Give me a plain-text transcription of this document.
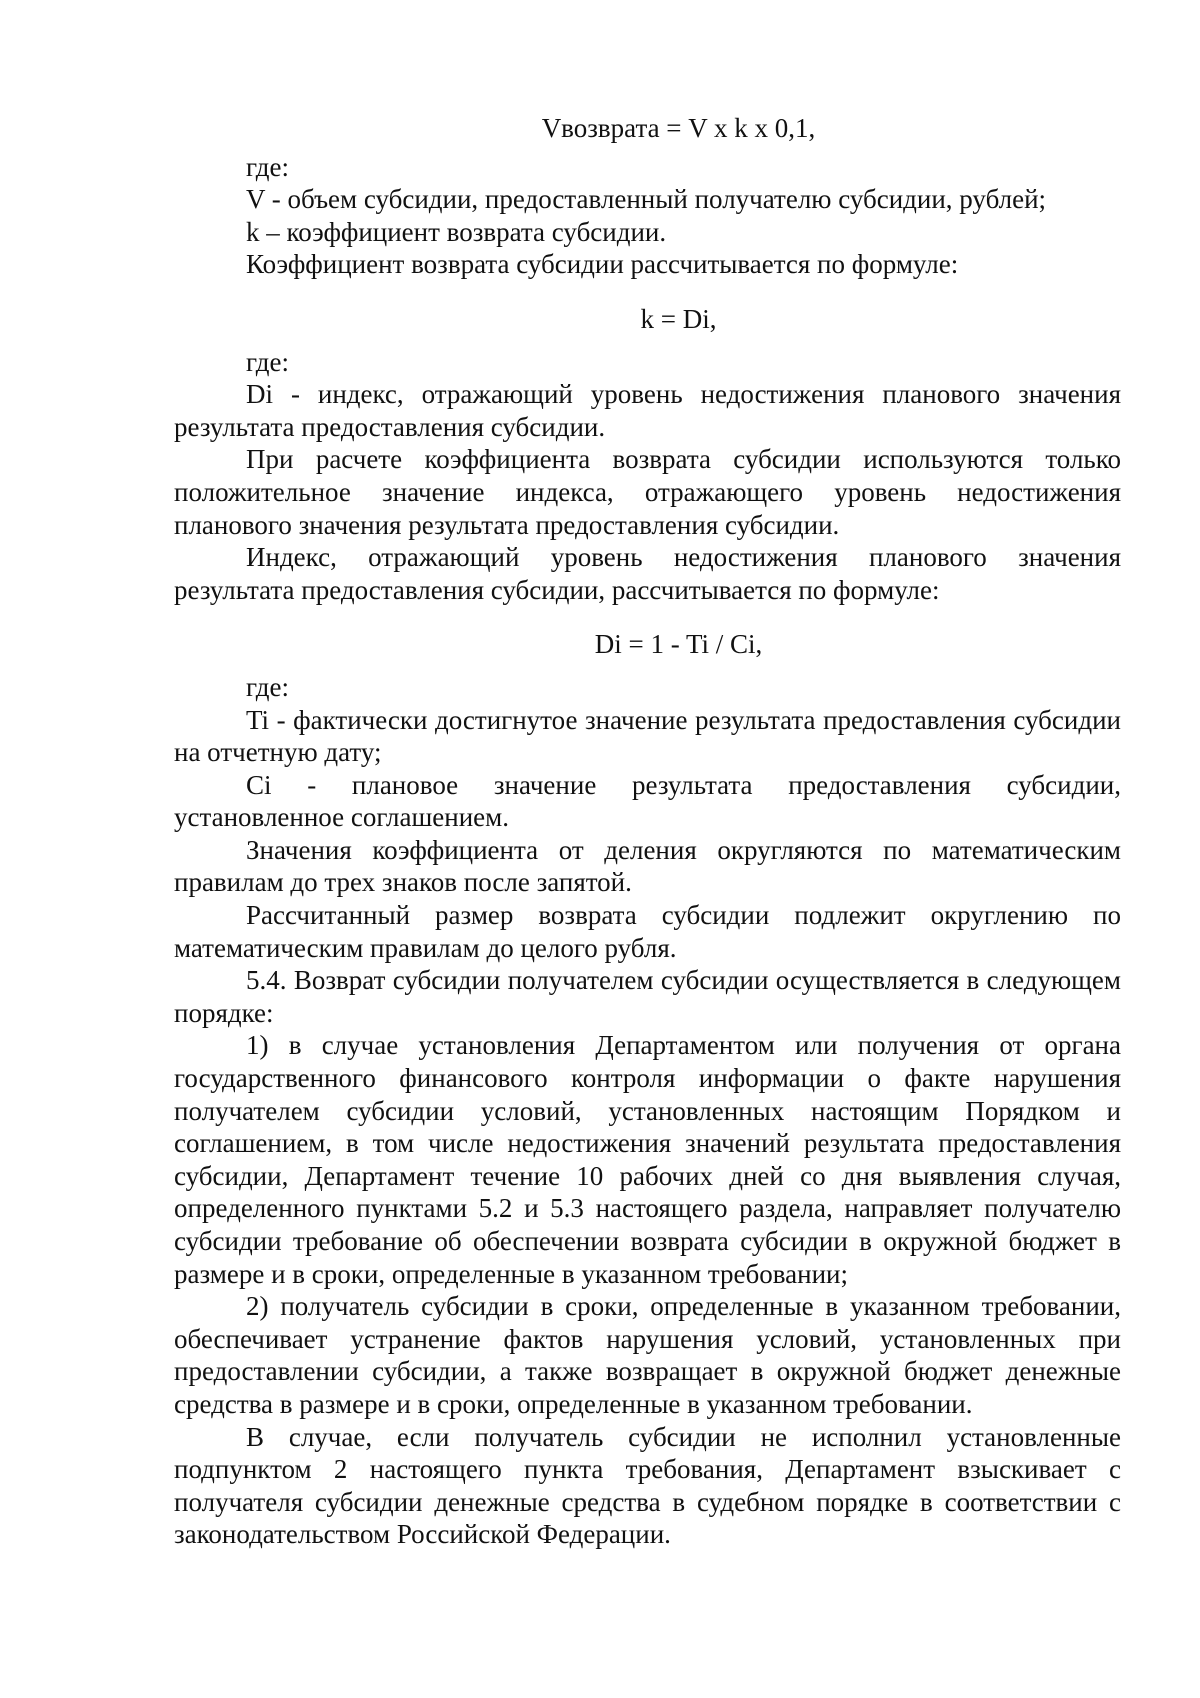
Vвозврата = V х k х 0,1,

где:

V - объем субсидии, предоставленный получателю субсидии, рублей;

k – коэффициент возврата субсидии.

Коэффициент возврата субсидии рассчитывается по формуле:

k = Di,

где:

Di - индекс, отражающий уровень недостижения планового значения результата предоставления субсидии.

При расчете коэффициента возврата субсидии используются только положительное значение индекса, отражающего уровень недостижения планового значения результата предоставления субсидии.

Индекс, отражающий уровень недостижения планового значения результата предоставления субсидии, рассчитывается по формуле:

Di = 1 - Ti / Ci,

где:

Ti - фактически достигнутое значение результата предоставления субсидии на отчетную дату;

Ci - плановое значение результата предоставления субсидии, установленное соглашением.

Значения коэффициента от деления округляются по математическим правилам до трех знаков после запятой.

Рассчитанный размер возврата субсидии подлежит округлению по математическим правилам до целого рубля.

5.4. Возврат субсидии получателем субсидии осуществляется в следующем порядке:

1) в случае установления Департаментом или получения от органа государственного финансового контроля информации о факте нарушения получателем субсидии условий, установленных настоящим Порядком и соглашением, в том числе недостижения значений результата предоставления субсидии, Департамент течение 10 рабочих дней со дня выявления случая, определенного пунктами 5.2 и 5.3 настоящего раздела, направляет получателю субсидии требование об обеспечении возврата субсидии в окружной бюджет в размере и в сроки, определенные в указанном требовании;

2) получатель субсидии в сроки, определенные в указанном требовании, обеспечивает устранение фактов нарушения условий, установленных при предоставлении субсидии, а также возвращает в окружной бюджет денежные средства в размере и в сроки, определенные в указанном требовании.

В случае, если получатель субсидии не исполнил установленные подпунктом 2 настоящего пункта требования, Департамент взыскивает с получателя субсидии денежные средства в судебном порядке в соответствии с законодательством Российской Федерации.
